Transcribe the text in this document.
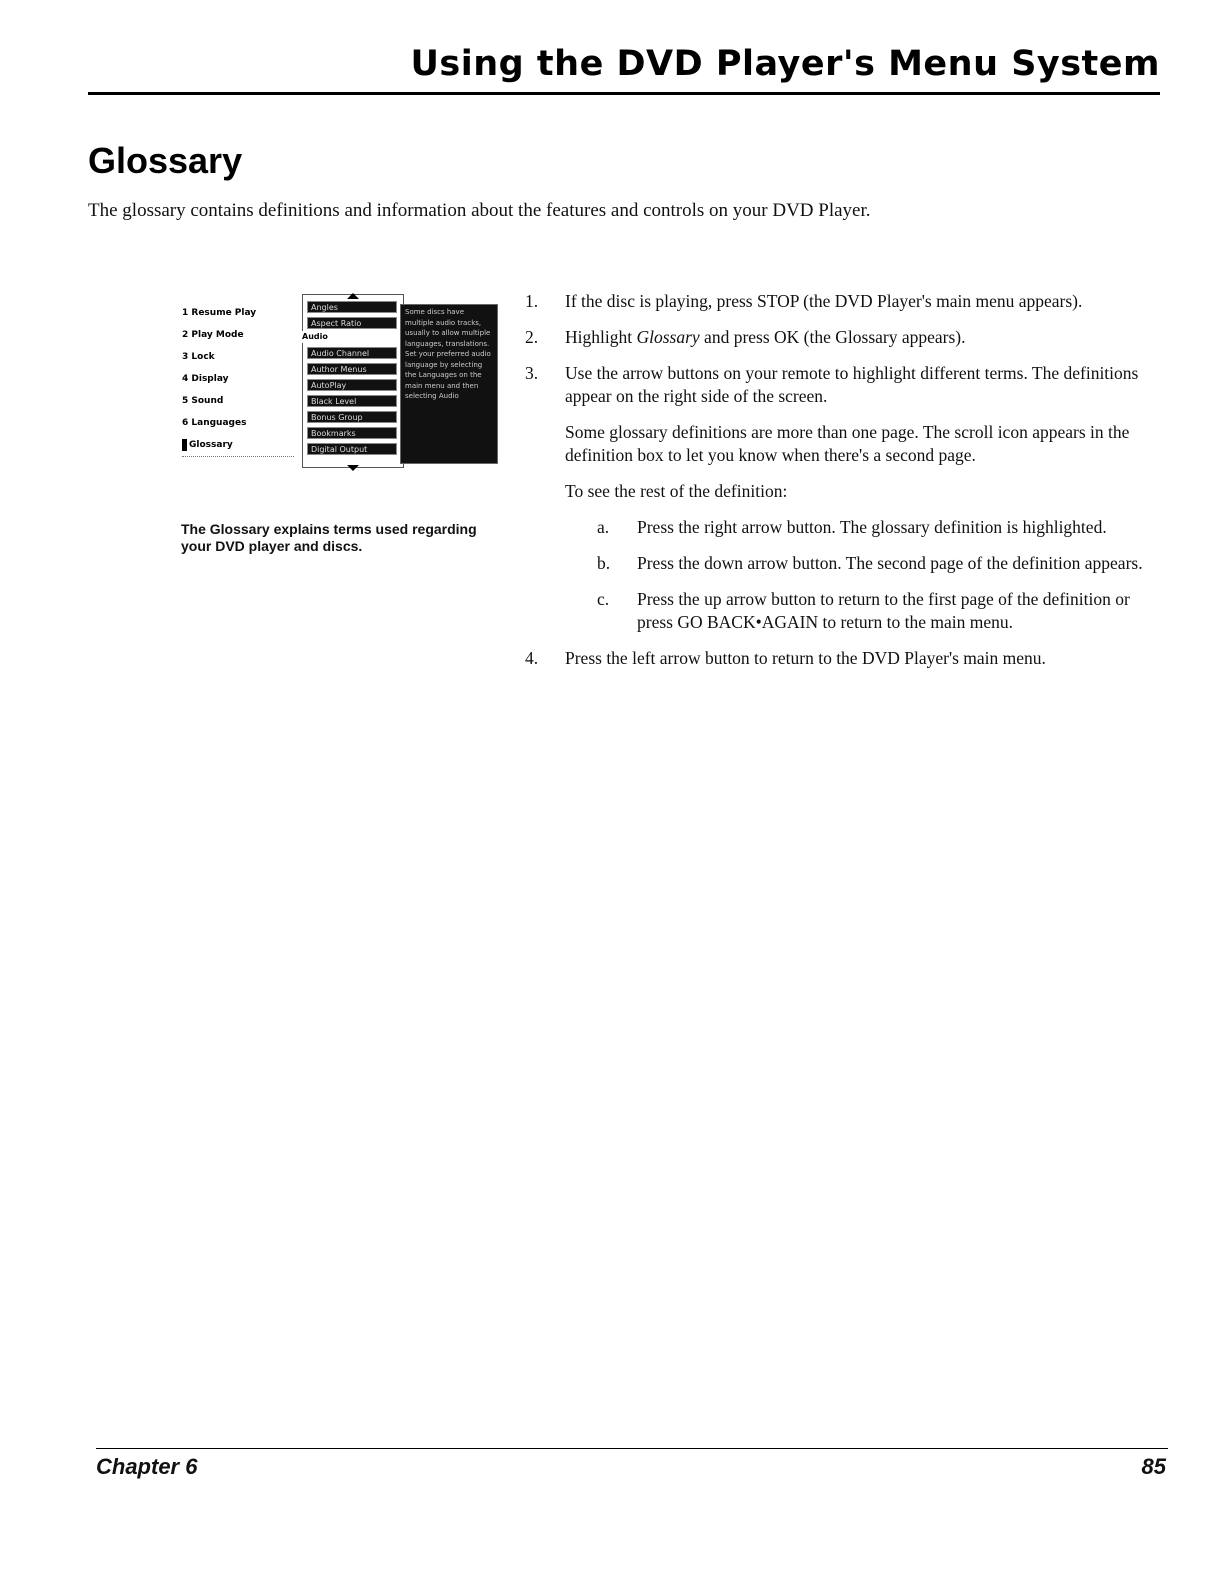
Using the DVD Player's Menu System
Glossary
The glossary contains definitions and information about the features and controls on your DVD Player.
1 Resume Play
2 Play Mode
3 Lock
4 Display
5 Sound
6 Languages
Glossary
Angles
Aspect Ratio
Audio
Audio Channel
Author Menus
AutoPlay
Black Level
Bonus Group
Bookmarks
Digital Output
Some discs have multiple audio tracks, usually to allow multiple languages, translations. Set your preferred audio language by selecting the Languages on the main menu and then selecting Audio
The Glossary explains terms used regarding your DVD player and discs.
1. If the disc is playing, press STOP (the DVD Player's main menu appears).
2. Highlight Glossary and press OK (the Glossary appears).
3. Use the arrow buttons on your remote to highlight different terms. The definitions appear on the right side of the screen.
Some glossary definitions are more than one page. The scroll icon appears in the definition box to let you know when there's a second page.
To see the rest of the definition:
a. Press the right arrow button. The glossary definition is highlighted.
b. Press the down arrow button. The second page of the definition appears.
c. Press the up arrow button to return to the first page of the definition or press GO BACK•AGAIN to return to the main menu.
4. Press the left arrow button to return to the DVD Player's main menu.
Chapter 6	85
